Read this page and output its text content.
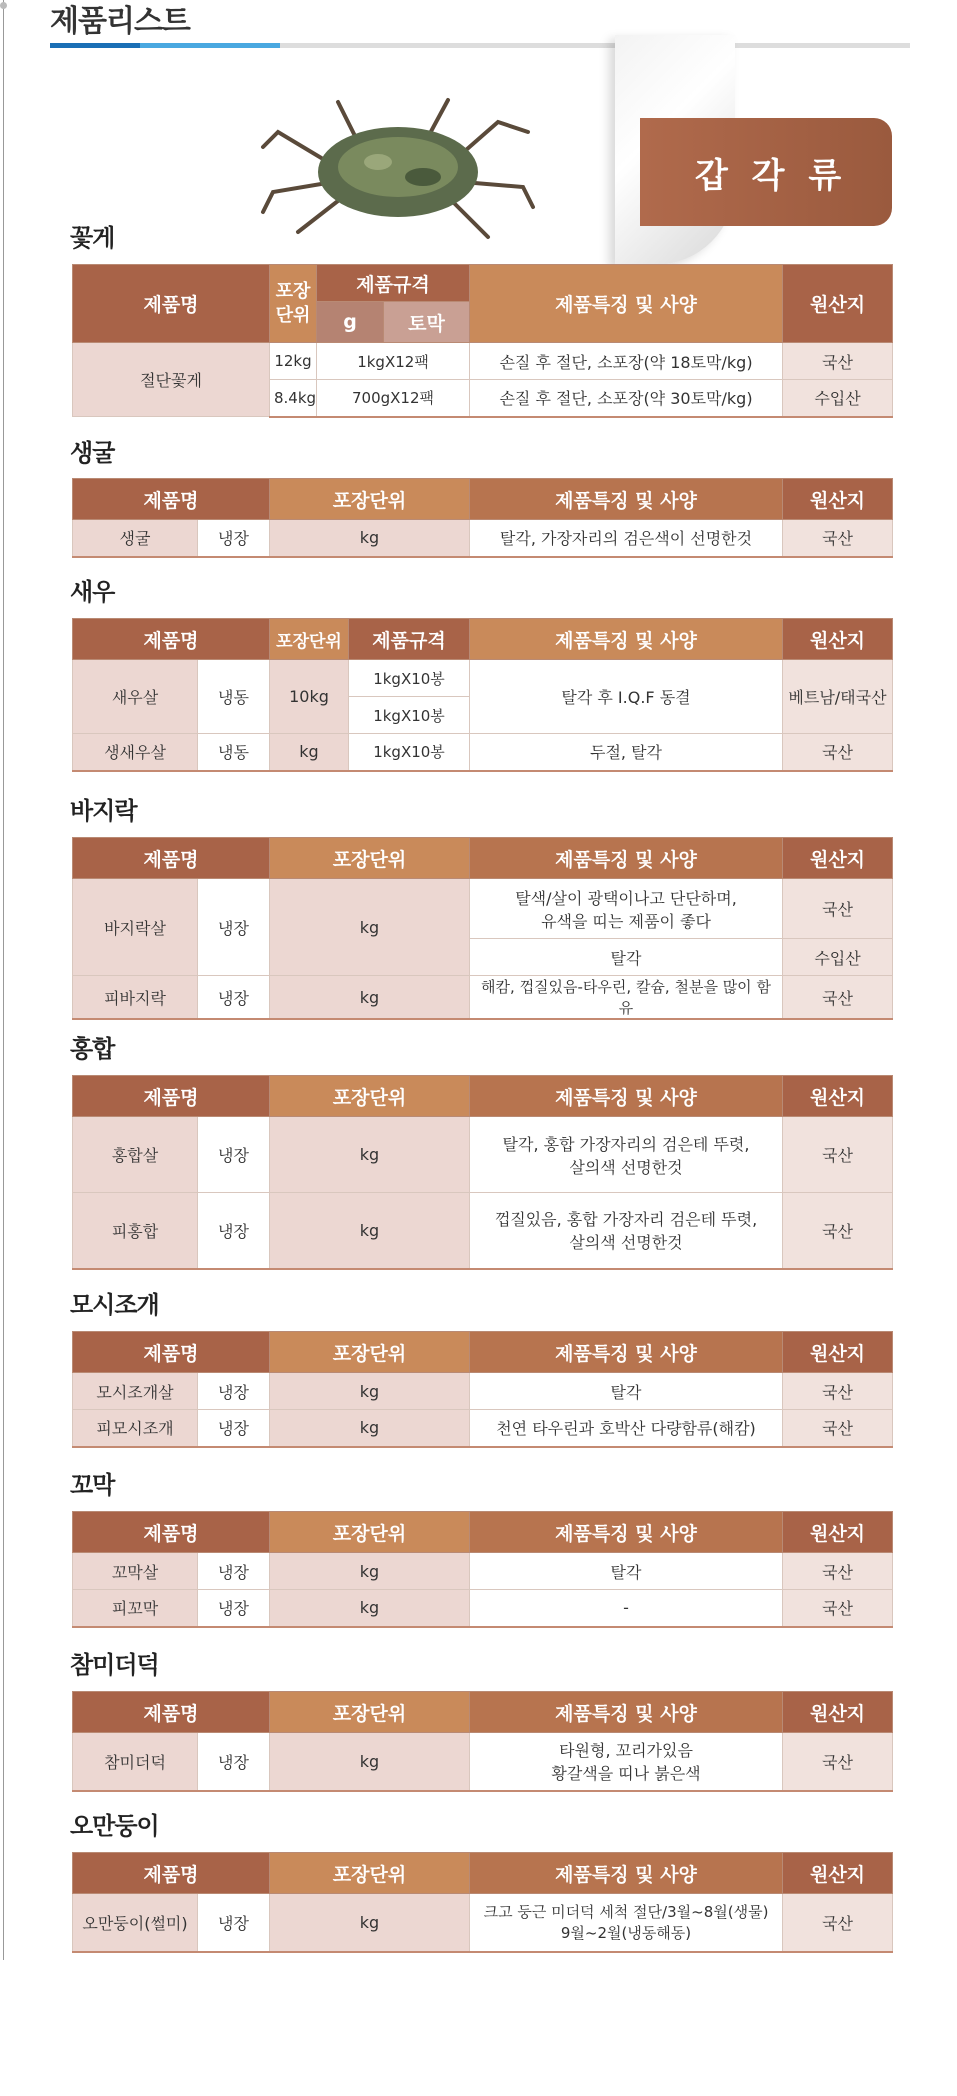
제품리스트
갑 각 류
꽃게
제품명	포장
단위	제품규격		제품특징 및 사양	원산지
		g	토막		
절단꽃게	12kg	1kgX12팩		손질 후 절단, 소포장(약 18토막/kg)	국산
	8.4kg	700gX12팩		손질 후 절단, 소포장(약 30토막/kg)	수입산
생굴
제품명		포장단위	제품특징 및 사양	원산지
생굴	냉장	kg	탈각, 가장자리의 검은색이 선명한것	국산
새우
제품명		포장단위	제품규격	제품특징 및 사양	원산지
새우살	냉동	10kg	1kgX10봉	탈각 후 I.Q.F 동결	베트남/태국산
			1kgX10봉		
생새우살	냉동	kg	1kgX10봉	두절, 탈각	국산
바지락
제품명		포장단위	제품특징 및 사양	원산지
바지락살	냉장	kg	탈색/살이 광택이나고 단단하며,
유색을 띠는 제품이 좋다	국산
			탈각	수입산
피바지락	냉장	kg	해캄, 껍질있음-타우린, 칼슘, 철분을 많이 함유	국산
홍합
제품명		포장단위	제품특징 및 사양	원산지
홍합살	냉장	kg	탈각, 홍합 가장자리의 검은테 뚜렷,
살의색 선명한것	국산
피홍합	냉장	kg	껍질있음, 홍합 가장자리 검은테 뚜렷,
살의색 선명한것	국산
모시조개
제품명		포장단위	제품특징 및 사양	원산지
모시조개살	냉장	kg	탈각	국산
피모시조개	냉장	kg	천연 타우린과 호박산 다량함류(해캄)	국산
꼬막
제품명		포장단위	제품특징 및 사양	원산지
꼬막살	냉장	kg	탈각	국산
피꼬막	냉장	kg	-	국산
참미더덕
제품명		포장단위	제품특징 및 사양	원산지
참미더덕	냉장	kg	타원형, 꼬리가있음
황갈색을 띠나 붉은색	국산
오만둥이
제품명		포장단위	제품특징 및 사양	원산지
오만둥이(썰미)	냉장	kg	크고 둥근 미더덕 세척 절단/3월~8월(생물)
9월~2월(냉동해동)	국산
